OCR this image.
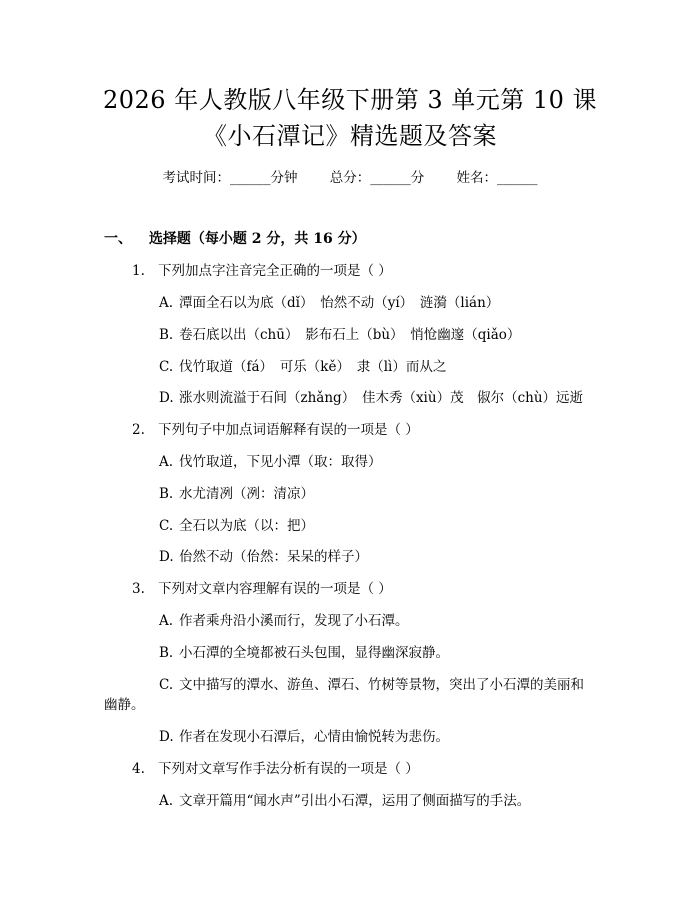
2026 年人教版八年级下册第 3 单元第 10 课
《小石潭记》精选题及答案
考试时间：______分钟 总分：______分 姓名：______
一、 选择题（每小题 2 分，共 16 分）
1. 下列加点字注音完全正确的一项是（ ）
A. 潭面全石以为底（dǐ）　怡然不动（yí）　涟漪（lián）
B. 卷石底以出（chū）　影布石上（bù）　悄怆幽邃（qiǎo）
C. 伐竹取道（fá）　可乐（kě）　隶（lì）而从之
D. 涨水则流溢于石间（zhǎng）　佳木秀（xiù）茂　俶尔（chù）远逝
2. 下列句子中加点词语解释有误的一项是（ ）
A. 伐竹取道，下见小潭（取：取得）
B. 水尤清冽（冽：清凉）
C. 全石以为底（以：把）
D. 佁然不动（佁然：呆呆的样子）
3. 下列对文章内容理解有误的一项是（ ）
A. 作者乘舟沿小溪而行，发现了小石潭。
B. 小石潭的全境都被石头包围，显得幽深寂静。
C. 文中描写的潭水、游鱼、潭石、竹树等景物，突出了小石潭的美丽和
幽静。
D. 作者在发现小石潭后，心情由愉悦转为悲伤。
4. 下列对文章写作手法分析有误的一项是（ ）
A. 文章开篇用“闻水声”引出小石潭，运用了侧面描写的手法。
